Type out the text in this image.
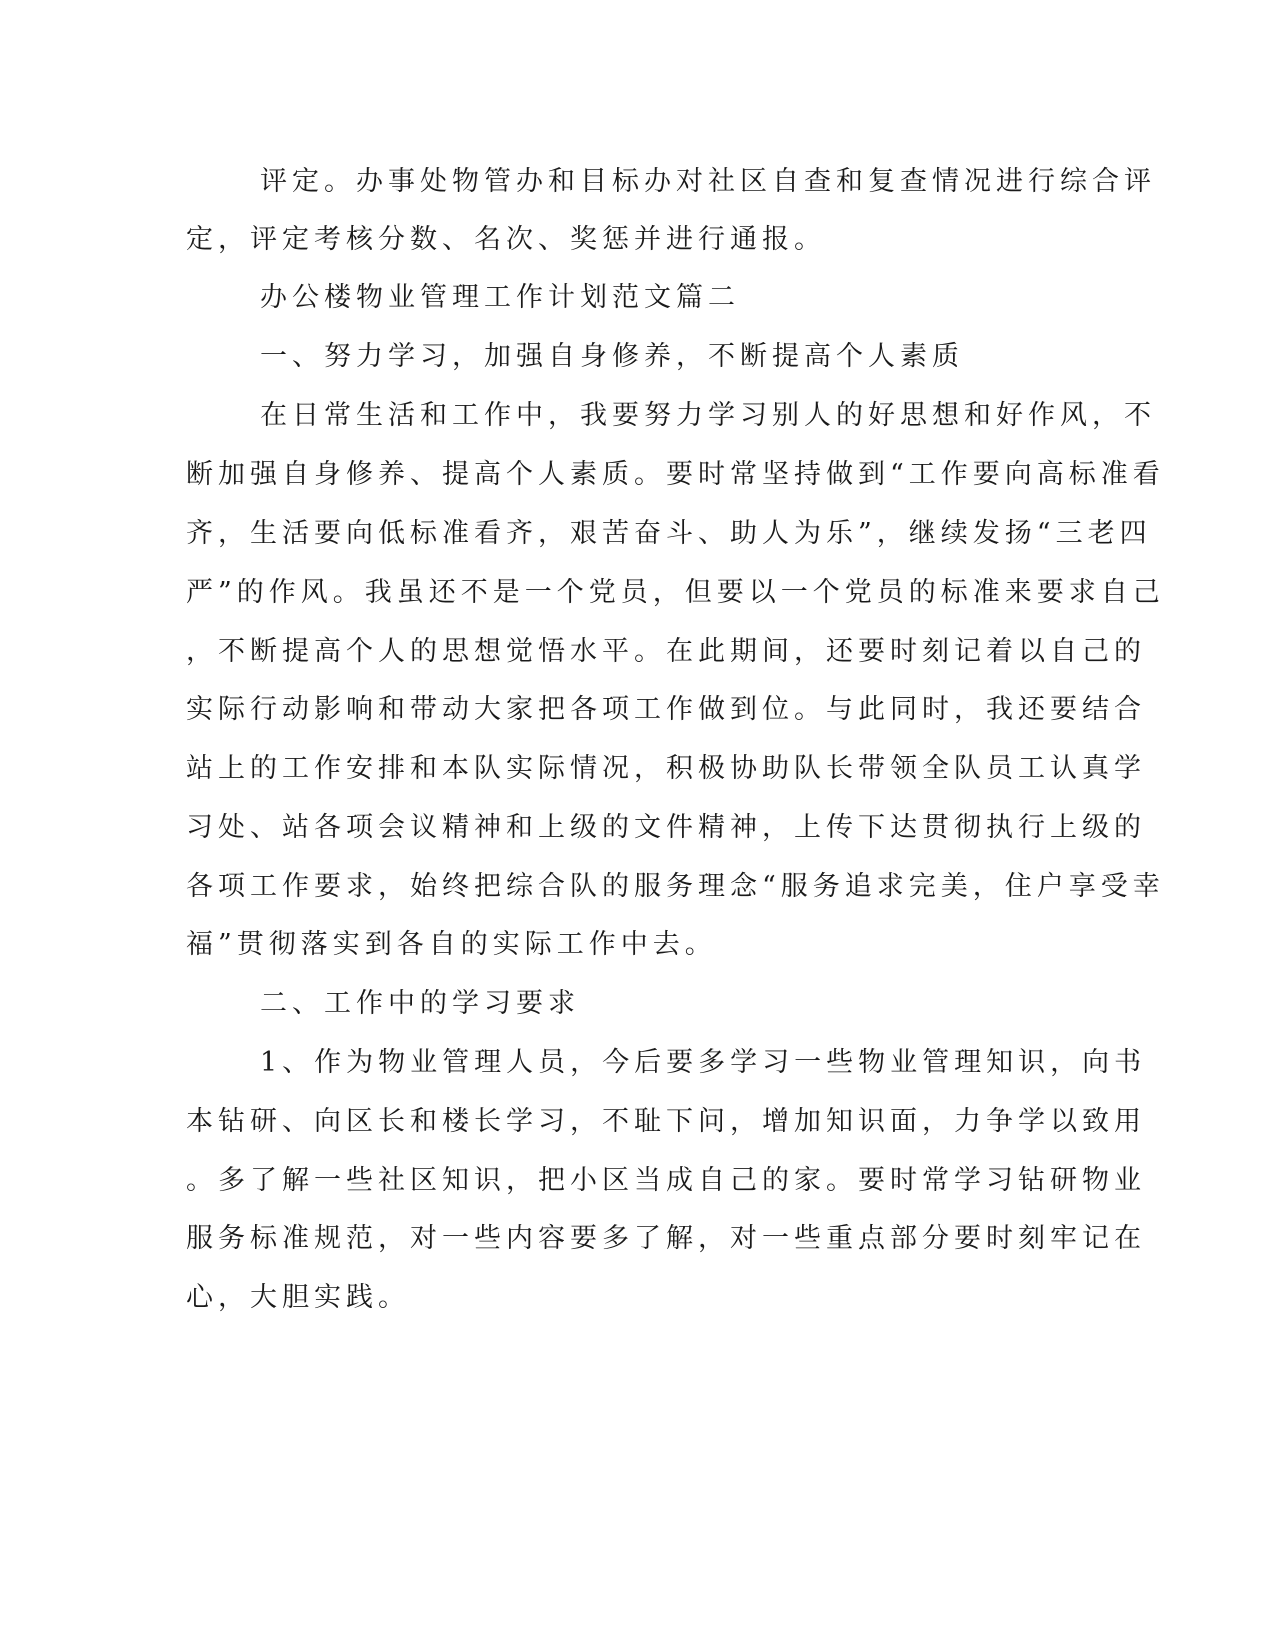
评定。办事处物管办和目标办对社区自查和复查情况进行综合评
定，评定考核分数、名次、奖惩并进行通报。
办公楼物业管理工作计划范文篇二
一、努力学习，加强自身修养，不断提高个人素质
在日常生活和工作中，我要努力学习别人的好思想和好作风，不
断加强自身修养、提高个人素质。要时常坚持做到“工作要向高标准看
齐，生活要向低标准看齐，艰苦奋斗、助人为乐”，继续发扬“三老四
严”的作风。我虽还不是一个党员，但要以一个党员的标准来要求自己
，不断提高个人的思想觉悟水平。在此期间，还要时刻记着以自己的
实际行动影响和带动大家把各项工作做到位。与此同时，我还要结合
站上的工作安排和本队实际情况，积极协助队长带领全队员工认真学
习处、站各项会议精神和上级的文件精神，上传下达贯彻执行上级的
各项工作要求，始终把综合队的服务理念“服务追求完美，住户享受幸
福”贯彻落实到各自的实际工作中去。
二、工作中的学习要求
1、作为物业管理人员，今后要多学习一些物业管理知识，向书
本钻研、向区长和楼长学习，不耻下问，增加知识面，力争学以致用
。多了解一些社区知识，把小区当成自己的家。要时常学习钻研物业
服务标准规范，对一些内容要多了解，对一些重点部分要时刻牢记在
心，大胆实践。
